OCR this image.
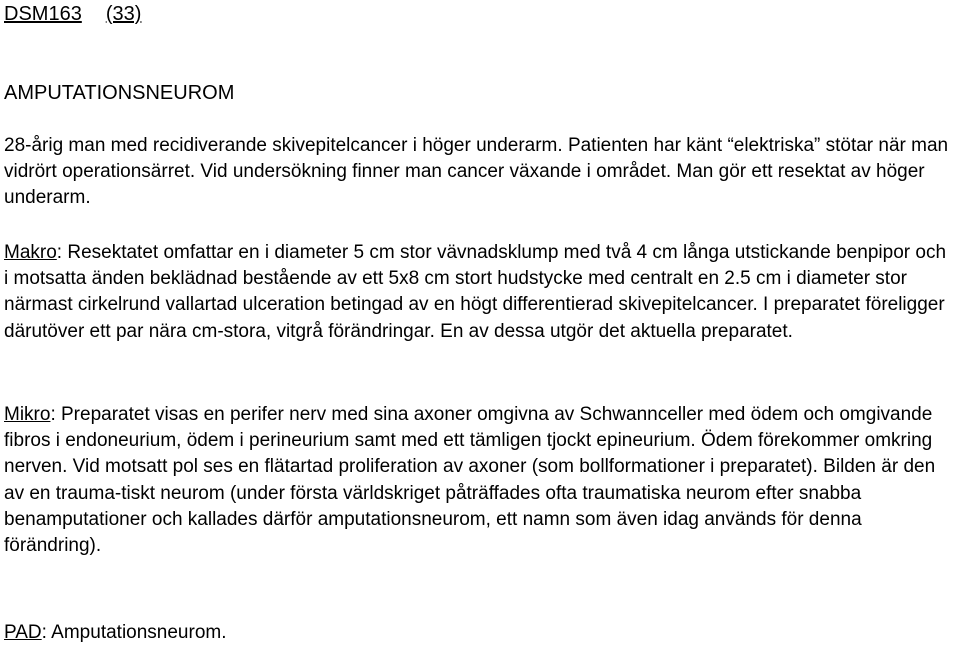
DSM163 (33)
AMPUTATIONSNEUROM

28-årig man med recidiverande skivepitelcancer i höger underarm. Patienten har känt “elektriska” stötar när man vidrört operationsärret. Vid undersökning finner man cancer växande i området. Man gör ett resektat av höger underarm.

Makro: Resektatet omfattar en i diameter 5 cm stor vävnadsklump med två 4 cm långa utstickande benpipor och i motsatta änden beklädnad bestående av ett 5x8 cm stort hudstycke med centralt en 2.5 cm i diameter stor närmast cirkelrund vallartad ulceration betingad av en högt differentierad skivepitelcancer. I preparatet föreligger därutöver ett par nära cm-stora, vitgrå förändringar. En av dessa utgör det aktuella preparatet.

Mikro: Preparatet visas en perifer nerv med sina axoner omgivna av Schwannceller med ödem och omgivande fibros i endoneurium, ödem i perineurium samt med ett tämligen tjockt epineurium. Ödem förekommer omkring nerven. Vid motsatt pol ses en flätartad proliferation av axoner (som bollformationer i preparatet). Bilden är den av en trauma-tiskt neurom (under första världskriget påträffades ofta traumatiska neurom efter snabba benamputationer och kallades därför amputationsneurom, ett namn som även idag används för denna förändring).

PAD: Amputationsneurom.
